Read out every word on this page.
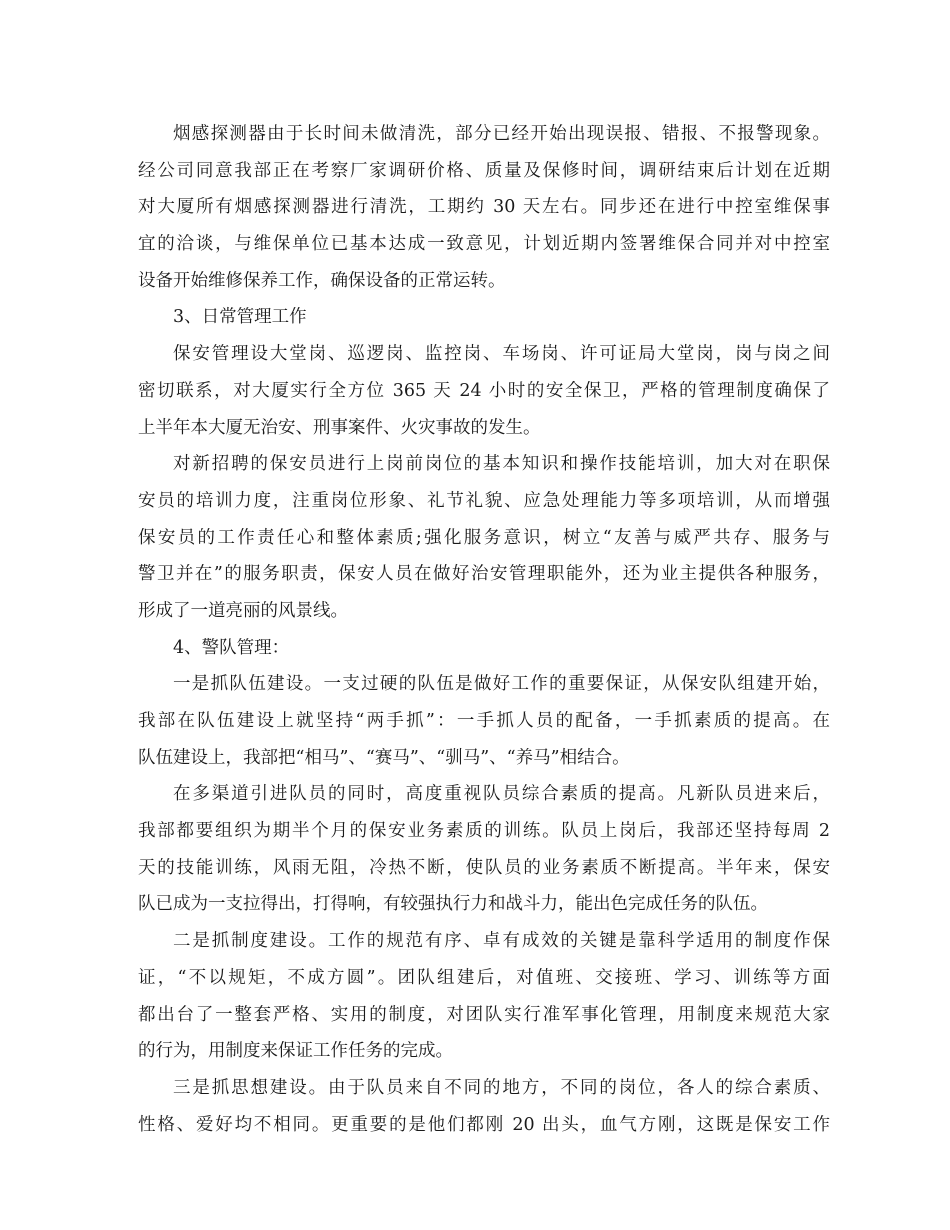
烟感探测器由于长时间未做清洗，部分已经开始出现误报、错报、不报警现象。
经公司同意我部正在考察厂家调研价格、质量及保修时间，调研结束后计划在近期
对大厦所有烟感探测器进行清洗，工期约 30 天左右。同步还在进行中控室维保事
宜的洽谈，与维保单位已基本达成一致意见，计划近期内签署维保合同并对中控室
设备开始维修保养工作，确保设备的正常运转。
3、日常管理工作
保安管理设大堂岗、巡逻岗、监控岗、车场岗、许可证局大堂岗，岗与岗之间
密切联系，对大厦实行全方位 365 天 24 小时的安全保卫，严格的管理制度确保了
上半年本大厦无治安、刑事案件、火灾事故的发生。
对新招聘的保安员进行上岗前岗位的基本知识和操作技能培训，加大对在职保
安员的培训力度，注重岗位形象、礼节礼貌、应急处理能力等多项培训，从而增强
保安员的工作责任心和整体素质;强化服务意识，树立“友善与威严共存、服务与
警卫并在”的服务职责，保安人员在做好治安管理职能外，还为业主提供各种服务，
形成了一道亮丽的风景线。
4、警队管理：
一是抓队伍建设。一支过硬的队伍是做好工作的重要保证，从保安队组建开始，
我部在队伍建设上就坚持“两手抓”：一手抓人员的配备，一手抓素质的提高。在
队伍建设上，我部把“相马”、“赛马”、“驯马”、“养马”相结合。
在多渠道引进队员的同时，高度重视队员综合素质的提高。凡新队员进来后，
我部都要组织为期半个月的保安业务素质的训练。队员上岗后，我部还坚持每周 2
天的技能训练，风雨无阻，冷热不断，使队员的业务素质不断提高。半年来，保安
队已成为一支拉得出，打得响，有较强执行力和战斗力，能出色完成任务的队伍。
二是抓制度建设。工作的规范有序、卓有成效的关键是靠科学适用的制度作保
证，“不以规矩，不成方圆”。团队组建后，对值班、交接班、学习、训练等方面
都出台了一整套严格、实用的制度，对团队实行准军事化管理，用制度来规范大家
的行为，用制度来保证工作任务的完成。
三是抓思想建设。由于队员来自不同的地方，不同的岗位，各人的综合素质、
性格、爱好均不相同。更重要的是他们都刚 20 出头，血气方刚，这既是保安工作
